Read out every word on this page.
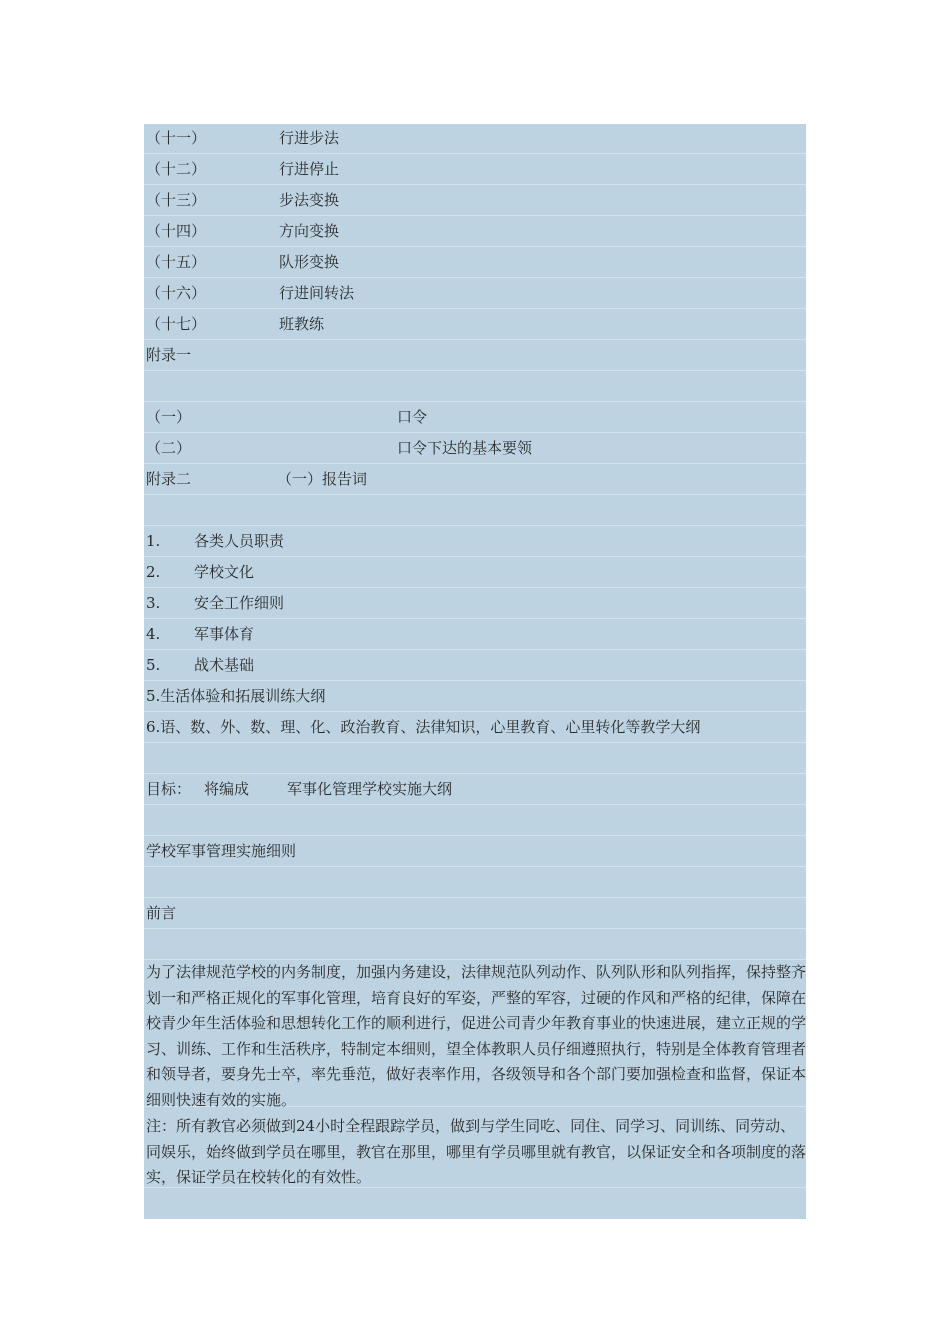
（十一）	行进步法
（十二）	行进停止
（十三）	步法变换
（十四）	方向变换
（十五）	队形变换
（十六）	行进间转法
（十七）	班教练
附录一
（一）	口令
（二）	口令下达的基本要领
附录二	（一）报告词
1. 各类人员职责
2. 学校文化
3. 安全工作细则
4. 军事体育
5. 战术基础
5.生活体验和拓展训练大纲
6.语、数、外、数、理、化、政治教育、法律知识，心里教育、心里转化等教学大纲
目标： 将编成	军事化管理学校实施大纲
学校军事管理实施细则
前言
为了法律规范学校的内务制度，加强内务建设，法律规范队列动作、队列队形和队列指挥，保持整齐划一和严格正规化的军事化管理，培育良好的军姿，严整的军容，过硬的作风和严格的纪律，保障在校青少年生活体验和思想转化工作的顺利进行，促进公司青少年教育事业的快速进展，建立正规的学习、训练、工作和生活秩序，特制定本细则，望全体教职人员仔细遵照执行，特别是全体教育管理者和领导者，要身先士卒，率先垂范，做好表率作用，各级领导和各个部门要加强检查和监督，保证本细则快速有效的实施。
注：所有教官必须做到24小时全程跟踪学员，做到与学生同吃、同住、同学习、同训练、同劳动、同娱乐，始终做到学员在哪里，教官在那里，哪里有学员哪里就有教官，以保证安全和各项制度的落实，保证学员在校转化的有效性。
